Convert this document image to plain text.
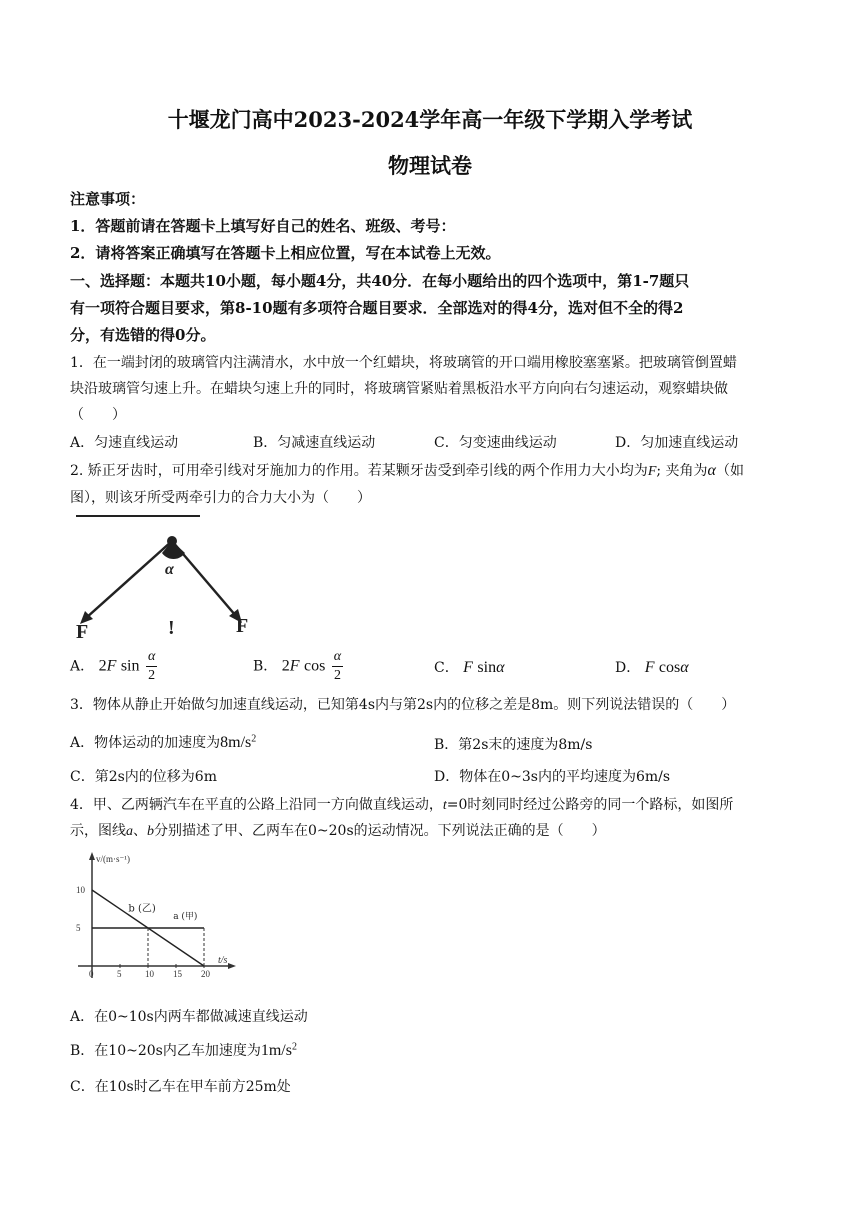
十堰龙门高中2023-2024学年高一年级下学期入学考试
物理试卷
注意事项：
1．答题前请在答题卡上填写好自己的姓名、班级、考号：
2．请将答案正确填写在答题卡上相应位置，写在本试卷上无效。
一、选择题：本题共10小题，每小题4分，共40分．在每小题给出的四个选项中，第1-7题只
有一项符合题目要求，第8-10题有多项符合题目要求．全部选对的得4分，选对但不全的得2
分，有选错的得0分。
1．在一端封闭的玻璃管内注满清水，水中放一个红蜡块，将玻璃管的开口端用橡胶塞塞紧。把玻璃管倒置蜡
块沿玻璃管匀速上升。在蜡块匀速上升的同时，将玻璃管紧贴着黑板沿水平方向向右匀速运动，观察蜡块做
（　　）
A．匀速直线运动	B．匀减速直线运动	C．匀变速曲线运动	D．匀加速直线运动
2. 矫正牙齿时，可用牵引线对牙施加力的作用。若某颗牙齿受到牵引线的两个作用力大小均为F; 夹角为α（如
图），则该牙所受两牵引力的合力大小为（　　）
α
F	!	F
A． 2F $\sin \frac{\alpha}{2}$	B． 2F $\cos \frac{\alpha}{2}$	C． F sinα	D． F cosα
3．物体从静止开始做匀加速直线运动，已知第4s内与第2s内的位移之差是8m。则下列说法错误的（　　）
A．物体运动的加速度为$8m/s^2$	B．第2s末的速度为8m/s
C．第2s内的位移为6m	D．物体在0~3s内的平均速度为6m/s
4．甲、乙两辆汽车在平直的公路上沿同一方向做直线运动，t=0时刻同时经过公路旁的同一个路标，如图所
示，图线a、b分别描述了甲、乙两车在0~20s的运动情况。下列说法正确的是（　　）
v/(m·s⁻¹)
t/s
0	5	10 15 20
10
5
b (乙)
a (甲)
A．在0~10s内两车都做减速直线运动
B．在10~20s内乙车加速度为$1m/s^2$
C．在10s时乙车在甲车前方25m处
